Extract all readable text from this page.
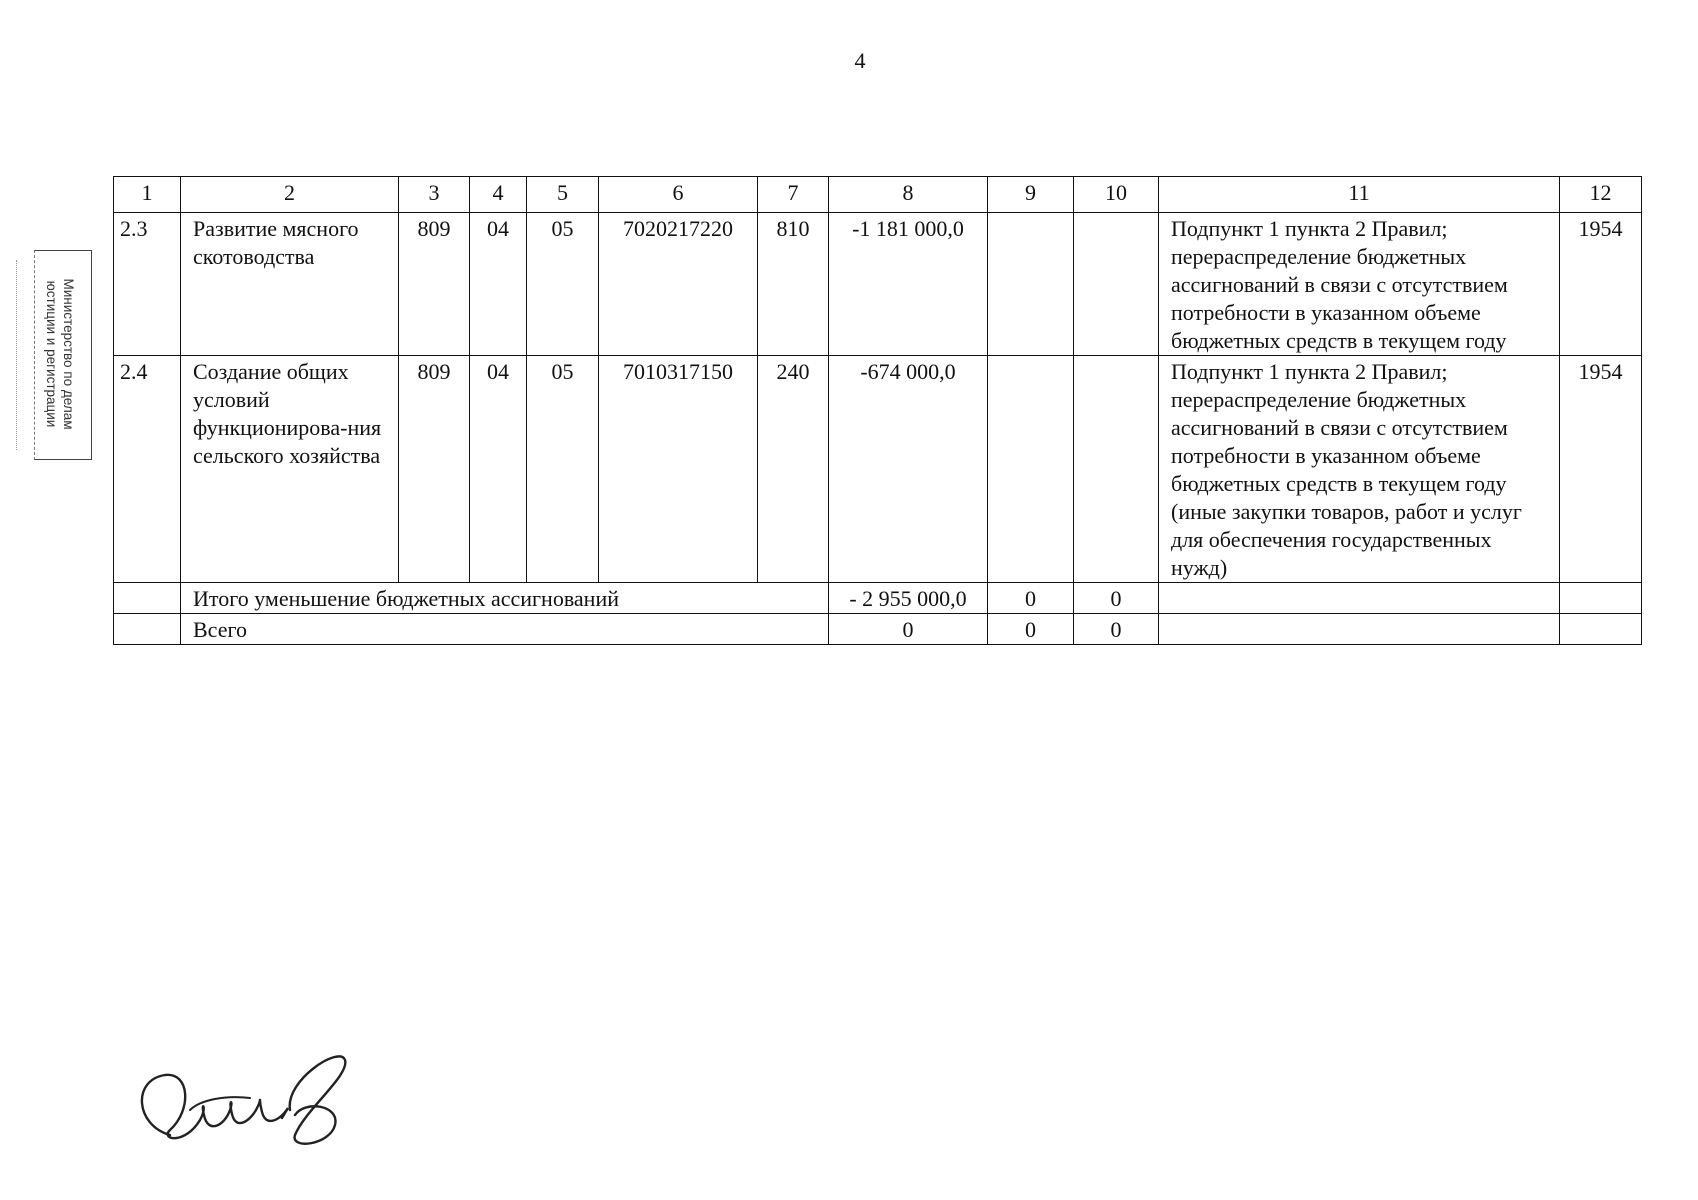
4
Министерство по делам
юстиции и регистрации
1	2	3	4	5	6	7	8	9	10	11	12
2.3	Развитие мясного скотоводства	809	04	05	7020217220	810	-1 181 000,0			Подпункт 1 пункта 2 Правил; перераспределение бюджетных ассигнований в связи с отсутствием потребности в указанном объеме бюджетных средств в текущем году	1954
2.4	Создание общих условий функционирова-ния сельского хозяйства	809	04	05	7010317150	240	-674 000,0			Подпункт 1 пункта 2 Правил; перераспределение бюджетных ассигнований в связи с отсутствием потребности в указанном объеме бюджетных средств в текущем году (иные закупки товаров, работ и услуг для обеспечения государственных нужд)	1954
	Итого уменьшение бюджетных ассигнований						- 2 955 000,0	0	0		
	Всего						0	0	0		
